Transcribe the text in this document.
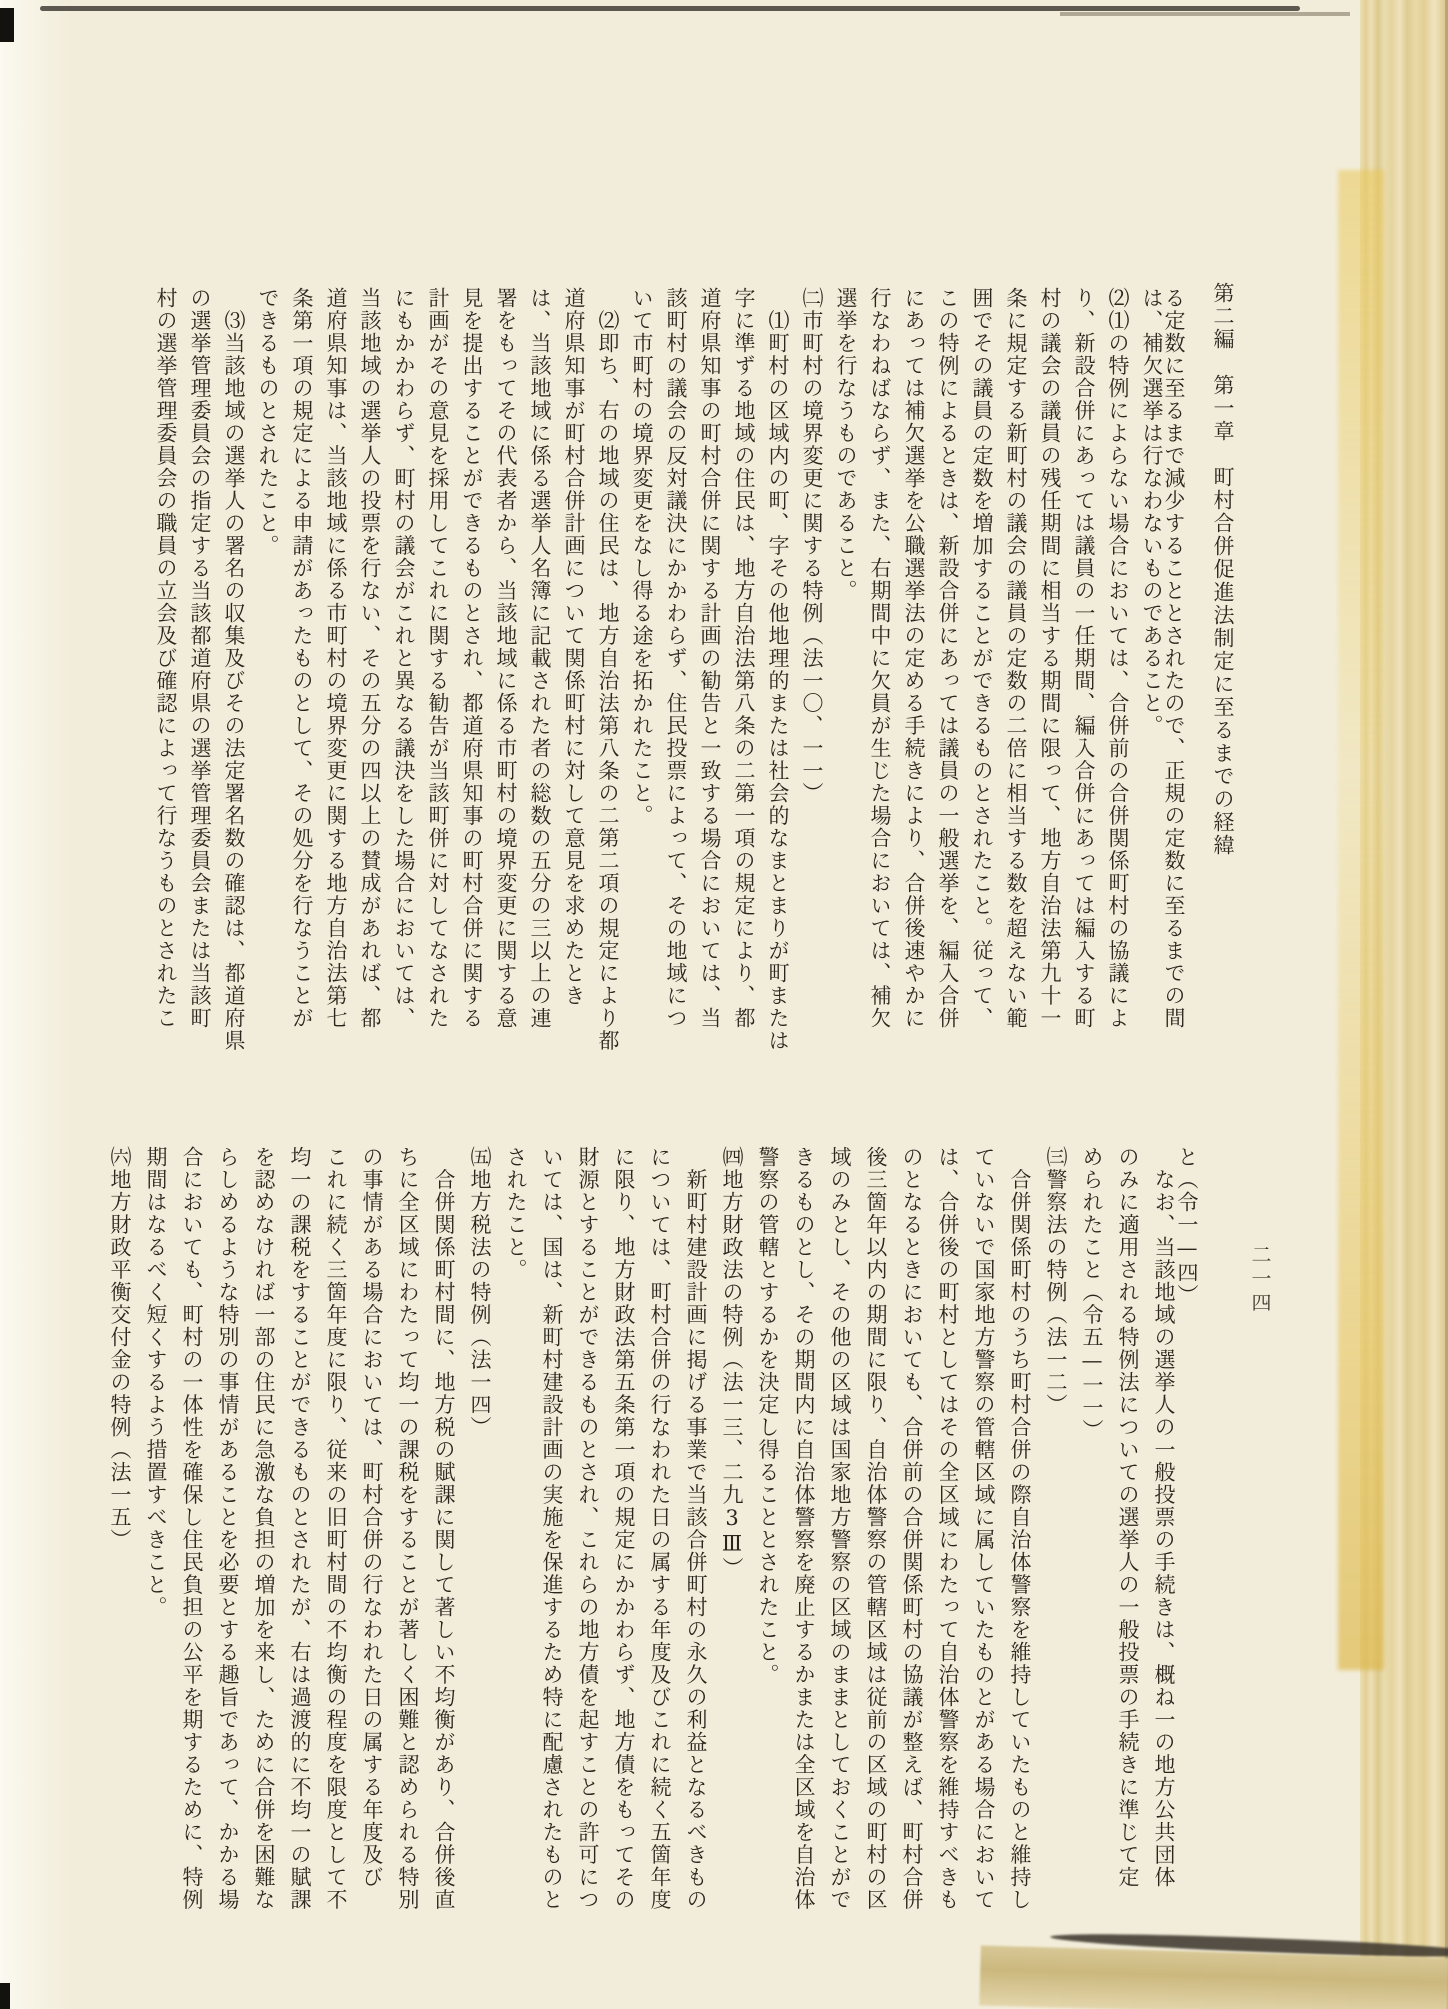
第二編　第一章　町村合併促進法制定に至るまでの経緯

る定数に至るまで減少することとされたので、正規の定数に至るまでの間

は、補欠選挙は行なわないものであること。

⑵⑴の特例によらない場合においては、合併前の合併関係町村の協議によ

り、新設合併にあっては議員の一任期間、編入合併にあっては編入する町

村の議会の議員の残任期間に相当する期間に限って、地方自治法第九十一

条に規定する新町村の議会の議員の定数の二倍に相当する数を超えない範

囲でその議員の定数を増加することができるものとされたこと。従って、

この特例によるときは、新設合併にあっては議員の一般選挙を、編入合併

にあっては補欠選挙を公職選挙法の定める手続きにより、合併後速やかに

行なわねばならず、また、右期間中に欠員が生じた場合においては、補欠

選挙を行なうものであること。

㈡市町村の境界変更に関する特例（法一〇、一一）

　⑴町村の区域内の町、字その他地理的または社会的なまとまりが町または

字に準ずる地域の住民は、地方自治法第八条の二第一項の規定により、都

道府県知事の町村合併に関する計画の勧告と一致する場合においては、当

該町村の議会の反対議決にかかわらず、住民投票によって、その地域につ

いて市町村の境界変更をなし得る途を拓かれたこと。

　⑵即ち、右の地域の住民は、地方自治法第八条の二第二項の規定により都

道府県知事が町村合併計画について関係町村に対して意見を求めたとき

は、当該地域に係る選挙人名簿に記載された者の総数の五分の三以上の連

署をもってその代表者から、当該地域に係る市町村の境界変更に関する意

見を提出することができるものとされ、都道府県知事の町村合併に関する

計画がその意見を採用してこれに関する勧告が当該町併に対してなされた

にもかかわらず、町村の議会がこれと異なる議決をした場合においては、

当該地域の選挙人の投票を行ない、その五分の四以上の賛成があれば、都

道府県知事は、当該地域に係る市町村の境界変更に関する地方自治法第七

条第一項の規定による申請があったものとして、その処分を行なうことが

できるものとされたこと。

　⑶当該地域の選挙人の署名の収集及びその法定署名数の確認は、都道府県

の選挙管理委員会の指定する当該都道府県の選挙管理委員会または当該町

村の選挙管理委員会の職員の立会及び確認によって行なうものとされたこ

と（令一—四）

　なお、当該地域の選挙人の一般投票の手続きは、概ね一の地方公共団体

のみに適用される特例法についての選挙人の一般投票の手続きに準じて定

められたこと（令五—一一）

㈢警察法の特例（法一二）

　合併関係町村のうち町村合併の際自治体警察を維持していたものと維持し

ていないで国家地方警察の管轄区域に属していたものとがある場合において

は、合併後の町村としてはその全区域にわたって自治体警察を維持すべきも

のとなるときにおいても、合併前の合併関係町村の協議が整えば、町村合併

後三箇年以内の期間に限り、自治体警察の管轄区域は従前の区域の町村の区

域のみとし、その他の区域は国家地方警察の区域のままとしておくことがで

きるものとし、その期間内に自治体警察を廃止するかまたは全区域を自治体

警察の管轄とするかを決定し得ることとされたこと。

㈣地方財政法の特例（法一三、二九3Ⅲ）

　新町村建設計画に掲げる事業で当該合併町村の永久の利益となるべきもの

については、町村合併の行なわれた日の属する年度及びこれに続く五箇年度

に限り、地方財政法第五条第一項の規定にかかわらず、地方債をもってその

財源とすることができるものとされ、これらの地方債を起すことの許可につ

いては、国は、新町村建設計画の実施を保進するため特に配慮されたものと

されたこと。

㈤地方税法の特例（法一四）

　合併関係町村間に、地方税の賦課に関して著しい不均衡があり、合併後直

ちに全区域にわたって均一の課税をすることが著しく困難と認められる特別

の事情がある場合においては、町村合併の行なわれた日の属する年度及び

これに続く三箇年度に限り、従来の旧町村間の不均衡の程度を限度として不

均一の課税をすることができるものとされたが、右は過渡的に不均一の賦課

を認めなければ一部の住民に急激な負担の増加を来し、ために合併を困難な

らしめるような特別の事情があることを必要とする趣旨であって、かかる場

合においても、町村の一体性を確保し住民負担の公平を期するために、特例

期間はなるべく短くするよう措置すべきこと。

㈥地方財政平衡交付金の特例（法一五）	二一四
